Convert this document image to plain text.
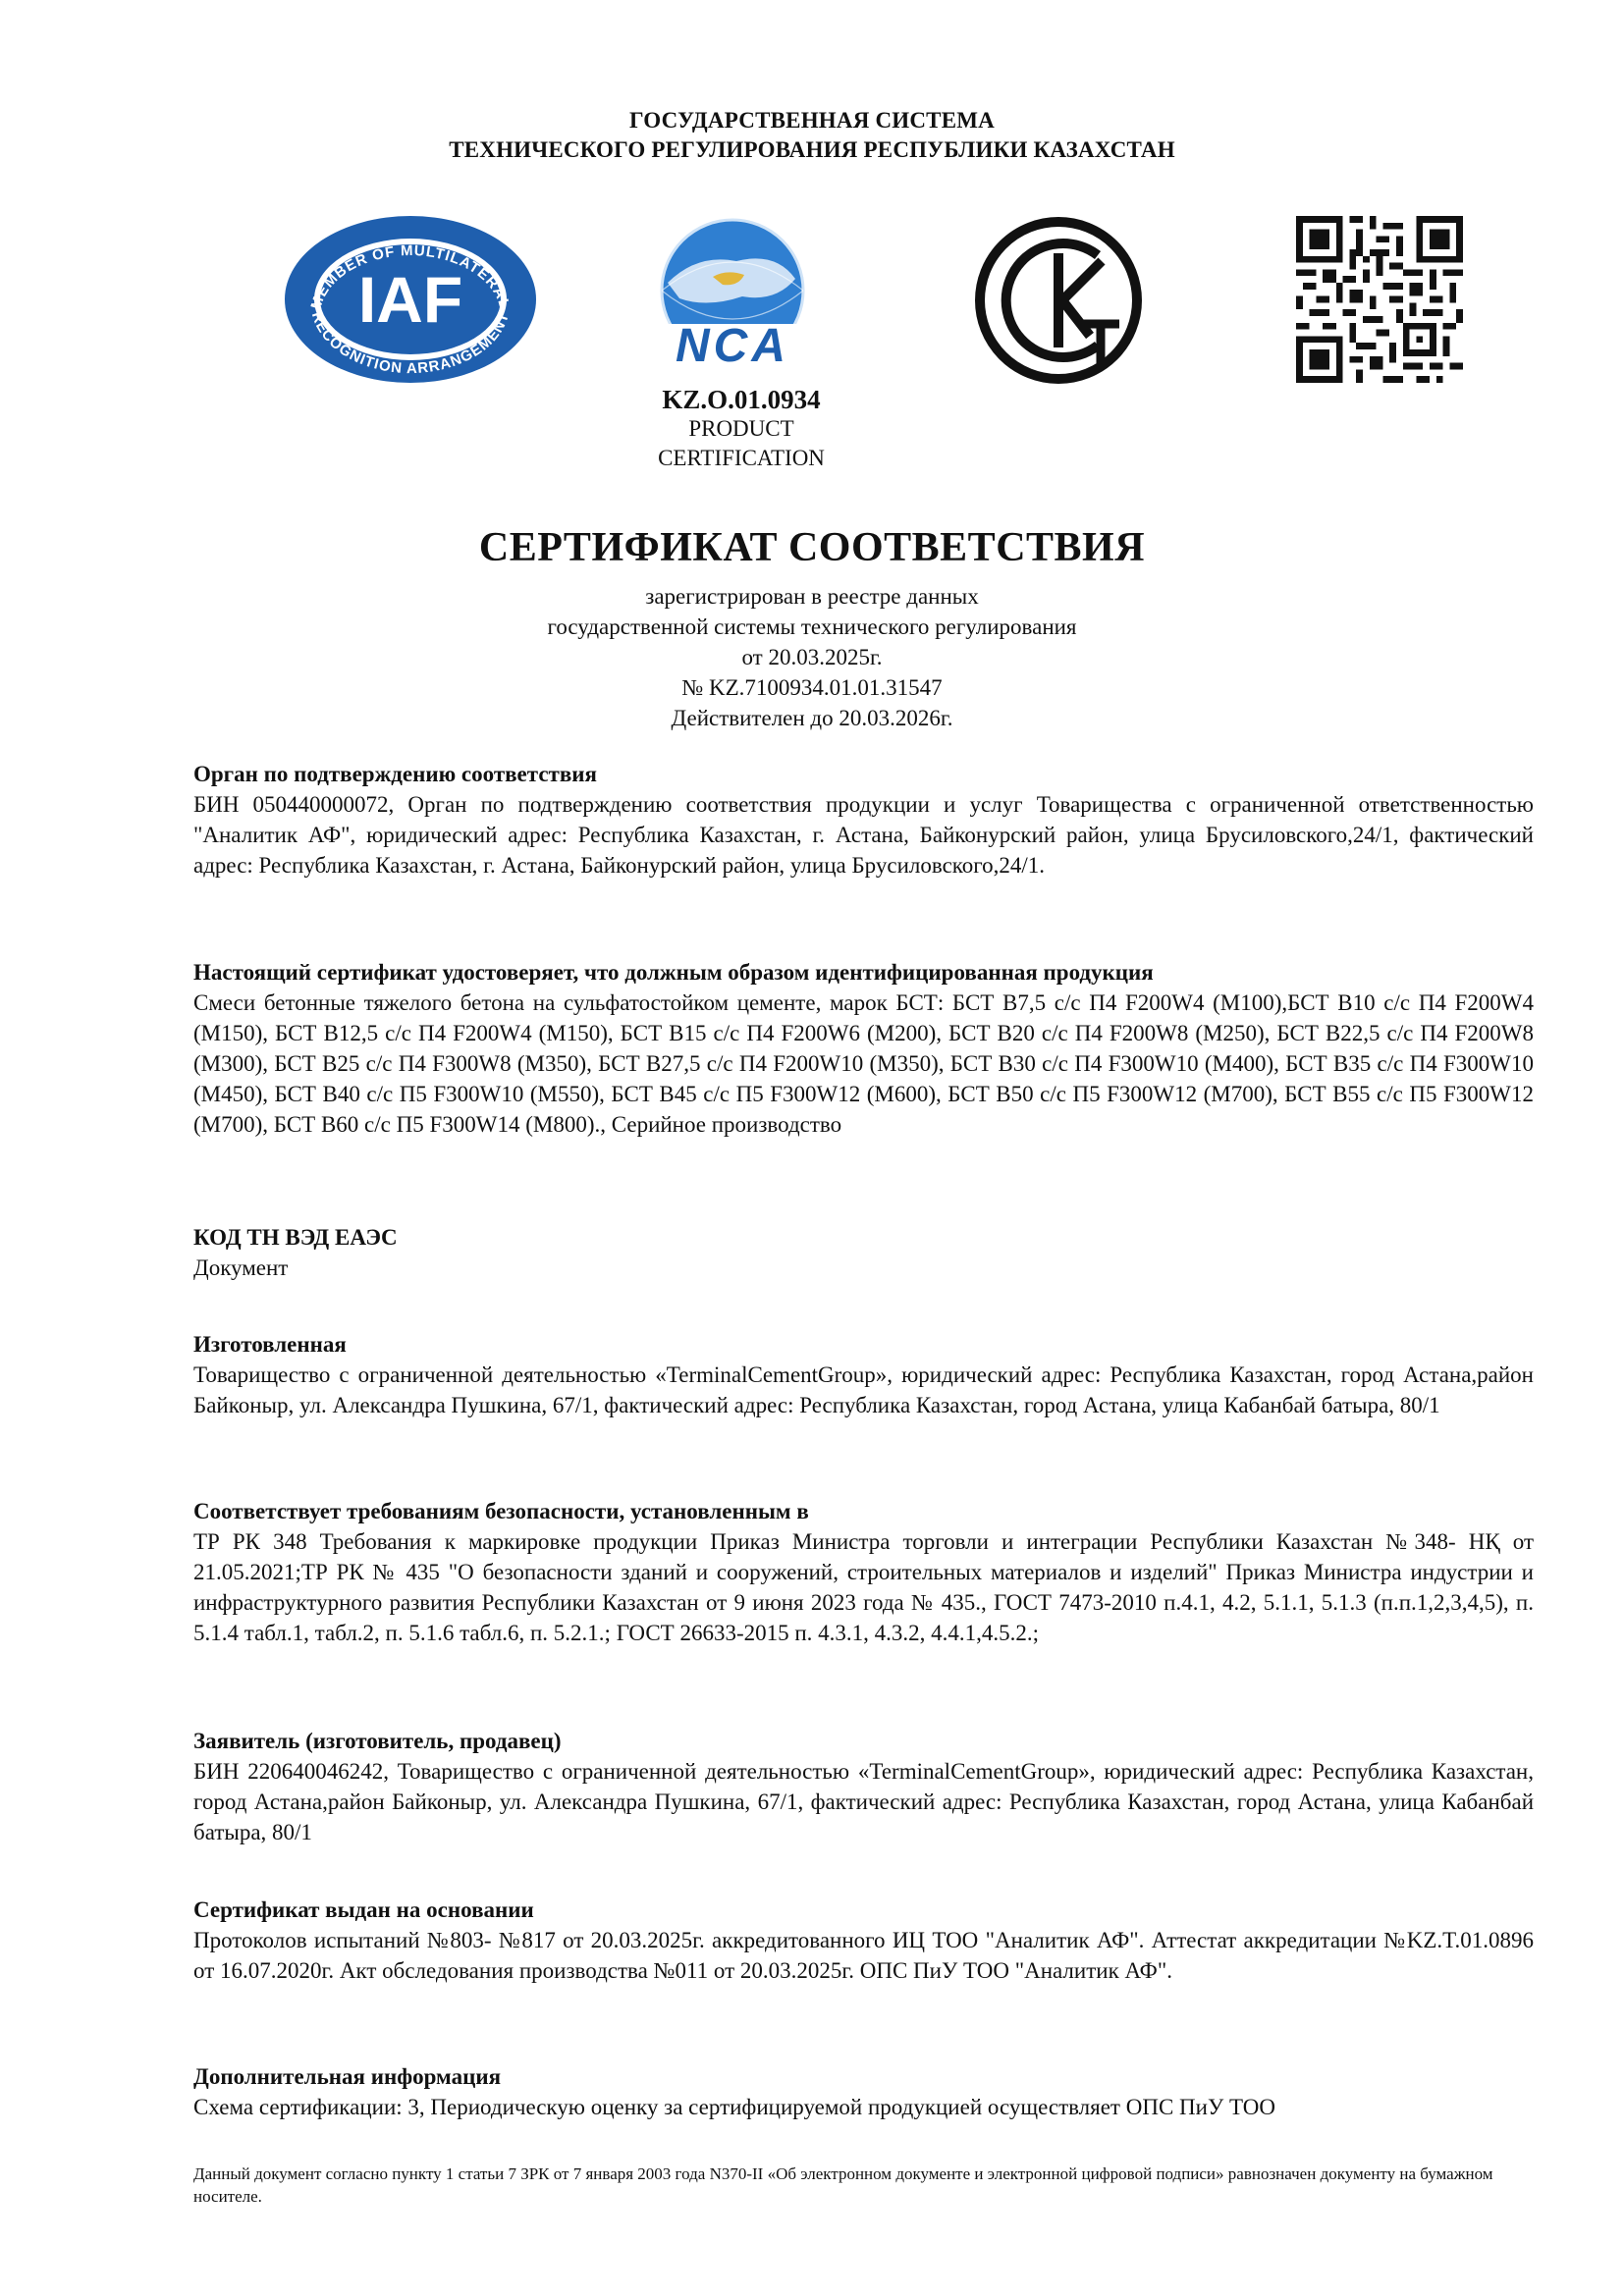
ГОСУДАРСТВЕННАЯ СИСТЕМА
ТЕХНИЧЕСКОГО РЕГУЛИРОВАНИЯ РЕСПУБЛИКИ КАЗАХСТАН
IAF
MEMBER OF MULTILATERAL
RECOGNITION ARRANGEMENT
NCA
KZ.O.01.0934
PRODUCT
CERTIFICATION
СЕРТИФИКАТ СООТВЕТСТВИЯ
зарегистрирован в реестре данных
государственной системы технического регулирования
от 20.03.2025г.
№ KZ.7100934.01.01.31547
Действителен до 20.03.2026г.
Орган по подтверждению соответствия

БИН 050440000072, Орган по подтверждению соответствия продукции и услуг Товарищества с ограниченной ответственностью "Аналитик АФ", юридический адрес: Республика Казахстан, г. Астана, Байконурский район, улица Брусиловского,24/1, фактический адрес: Республика Казахстан, г. Астана, Байконурский район, улица Брусиловского,24/1.

Настоящий сертификат удостоверяет, что должным образом идентифицированная продукция

Смеси бетонные тяжелого бетона на сульфатостойком цементе, марок БСТ: БСТ В7,5 с/с П4 F200W4 (М100),БСТ В10 с/с П4 F200W4 (М150), БСТ В12,5 с/с П4 F200W4 (М150), БСТ В15 с/с П4 F200W6 (М200), БСТ В20 с/с П4 F200W8 (М250), БСТ В22,5 с/с П4 F200W8 (М300), БСТ В25 с/с П4 F300W8 (М350), БСТ В27,5 с/с П4 F200W10 (М350), БСТ В30 с/с П4 F300W10 (М400), БСТ В35 с/с П4 F300W10 (М450), БСТ В40 с/с П5 F300W10 (М550), БСТ В45 с/с П5 F300W12 (М600), БСТ В50 с/с П5 F300W12 (М700), БСТ В55 с/с П5 F300W12 (М700), БСТ В60 с/с П5 F300W14 (М800)., Серийное производство

КОД ТН ВЭД ЕАЭС

Документ

Изготовленная

Товарищество с ограниченной деятельностью «TerminalCementGroup», юридический адрес: Республика Казахстан, город Астана,район Байконыр, ул. Александра Пушкина, 67/1, фактический адрес: Республика Казахстан, город Астана, улица Кабанбай батыра, 80/1

Соответствует требованиям безопасности, установленным в

ТР РК 348 Требования к маркировке продукции Приказ Министра торговли и интеграции Республики Казахстан №348- НҚ от 21.05.2021;ТР РК № 435 "О безопасности зданий и сооружений, строительных материалов и изделий" Приказ Министра индустрии и инфраструктурного развития Республики Казахстан от 9 июня 2023 года № 435., ГОСТ 7473-2010 п.4.1, 4.2, 5.1.1, 5.1.3 (п.п.1,2,3,4,5), п. 5.1.4 табл.1, табл.2, п. 5.1.6 табл.6, п. 5.2.1.; ГОСТ 26633-2015 п. 4.3.1, 4.3.2, 4.4.1,4.5.2.;

Заявитель (изготовитель, продавец)

БИН 220640046242, Товарищество с ограниченной деятельностью «TerminalCementGroup», юридический адрес: Республика Казахстан, город Астана,район Байконыр, ул. Александра Пушкина, 67/1, фактический адрес: Республика Казахстан, город Астана, улица Кабанбай батыра, 80/1

Сертификат выдан на основании

Протоколов испытаний №803- №817 от 20.03.2025г. аккредитованного ИЦ ТОО "Аналитик АФ". Аттестат аккредитации №KZ.T.01.0896 от 16.07.2020г. Акт обследования производства №011 от 20.03.2025г. ОПС ПиУ ТОО "Аналитик АФ".

Дополнительная информация

Схема сертификации: 3, Периодическую оценку за сертифицируемой продукцией осуществляет ОПС ПиУ ТОО

Данный документ согласно пункту 1 статьи 7 ЗРК от 7 января 2003 года N370-II «Об электронном документе и электронной цифровой подписи» равнозначен документу на бумажном носителе.
